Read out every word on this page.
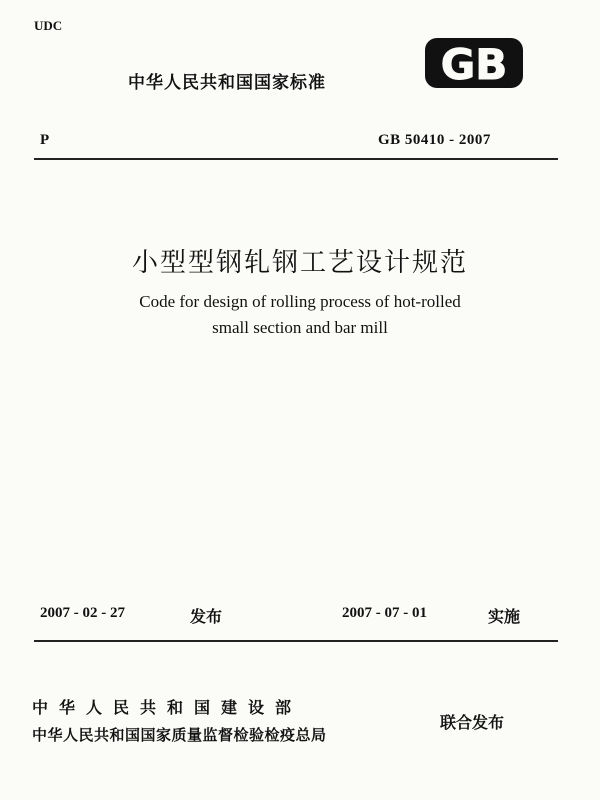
UDC
中华人民共和国国家标准	GB
P	GB 50410 - 2007
小型型钢轧钢工艺设计规范
Code for design of rolling process of hot-rolled
small section and bar mill
2007 - 02 - 27	发布	2007 - 07 - 01	实施
中华人民共和国建设部
中华人民共和国国家质量监督检验检疫总局
联合发布
